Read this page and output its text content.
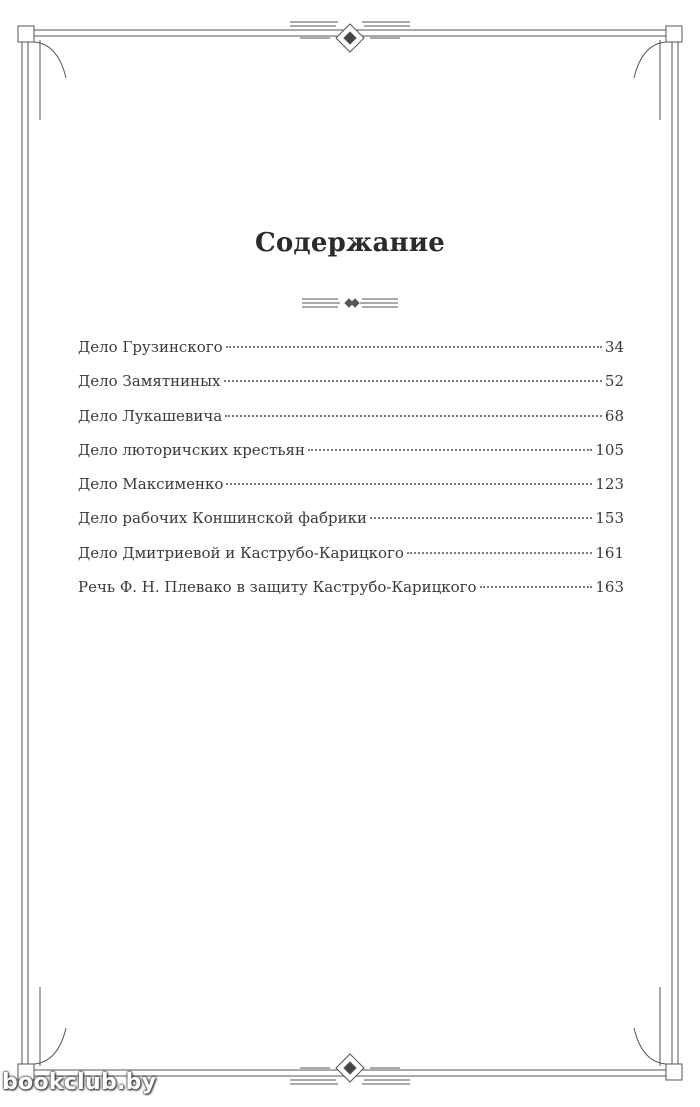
Содержание
Дело Грузинского	34
Дело Замятниных	52
Дело Лукашевича	68
Дело люторичских крестьян	105
Дело Максименко	123
Дело рабочих Коншинской фабрики	153
Дело Дмитриевой и Каструбо-Карицкого	161
Речь Ф. Н. Плевако в защиту Каструбо-Карицкого	163
bookclub.by
